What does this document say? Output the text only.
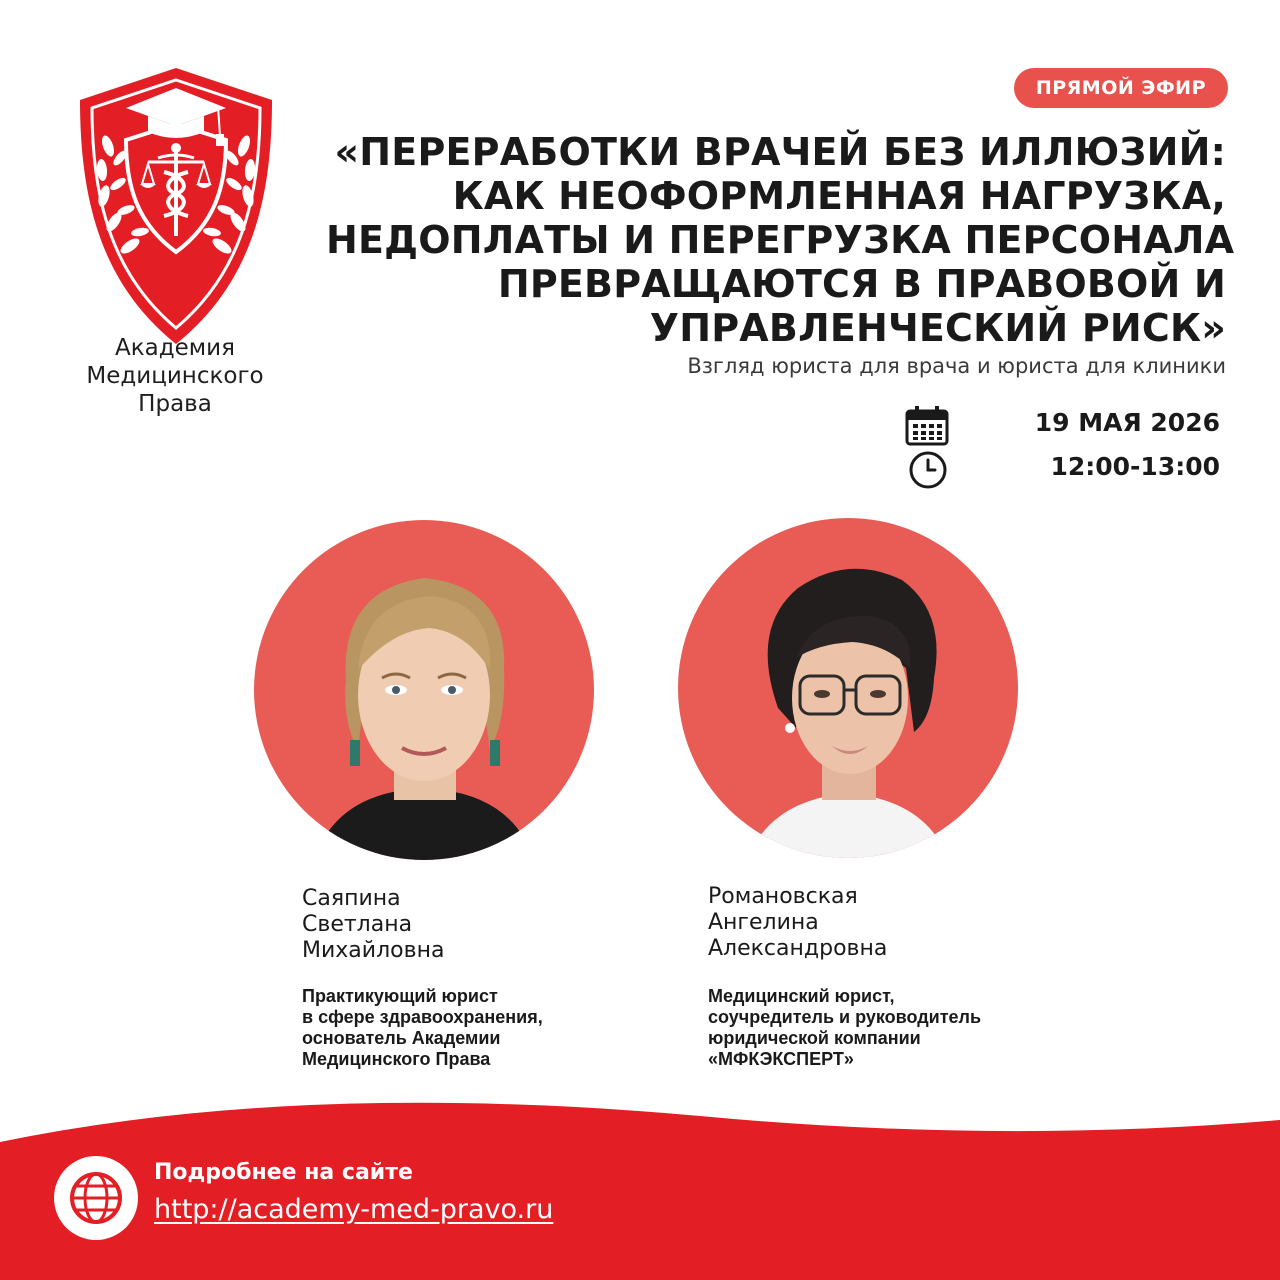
Академия
Медицинского
Права
ПРЯМОЙ ЭФИР
«ПЕРЕРАБОТКИ ВРАЧЕЙ БЕЗ ИЛЛЮЗИЙ:
КАК НЕОФОРМЛЕННАЯ НАГРУЗКА,
НЕДОПЛАТЫ И ПЕРЕГРУЗКА ПЕРСОНАЛА
ПРЕВРАЩАЮТСЯ В ПРАВОВОЙ И
УПРАВЛЕНЧЕСКИЙ РИСК»
Взгляд юриста для врача и юриста для клиники
19 МАЯ 2026
12:00-13:00
Саяпина
Светлана
Михайловна
Практикующий юрист
в сфере здравоохранения,
основатель Академии
Медицинского Права
Романовская
Ангелина
Александровна
Медицинский юрист,
соучредитель и руководитель
юридической компании
«МФКЭКСПЕРТ»
Подробнее на сайте
http://academy-med-pravo.ru
